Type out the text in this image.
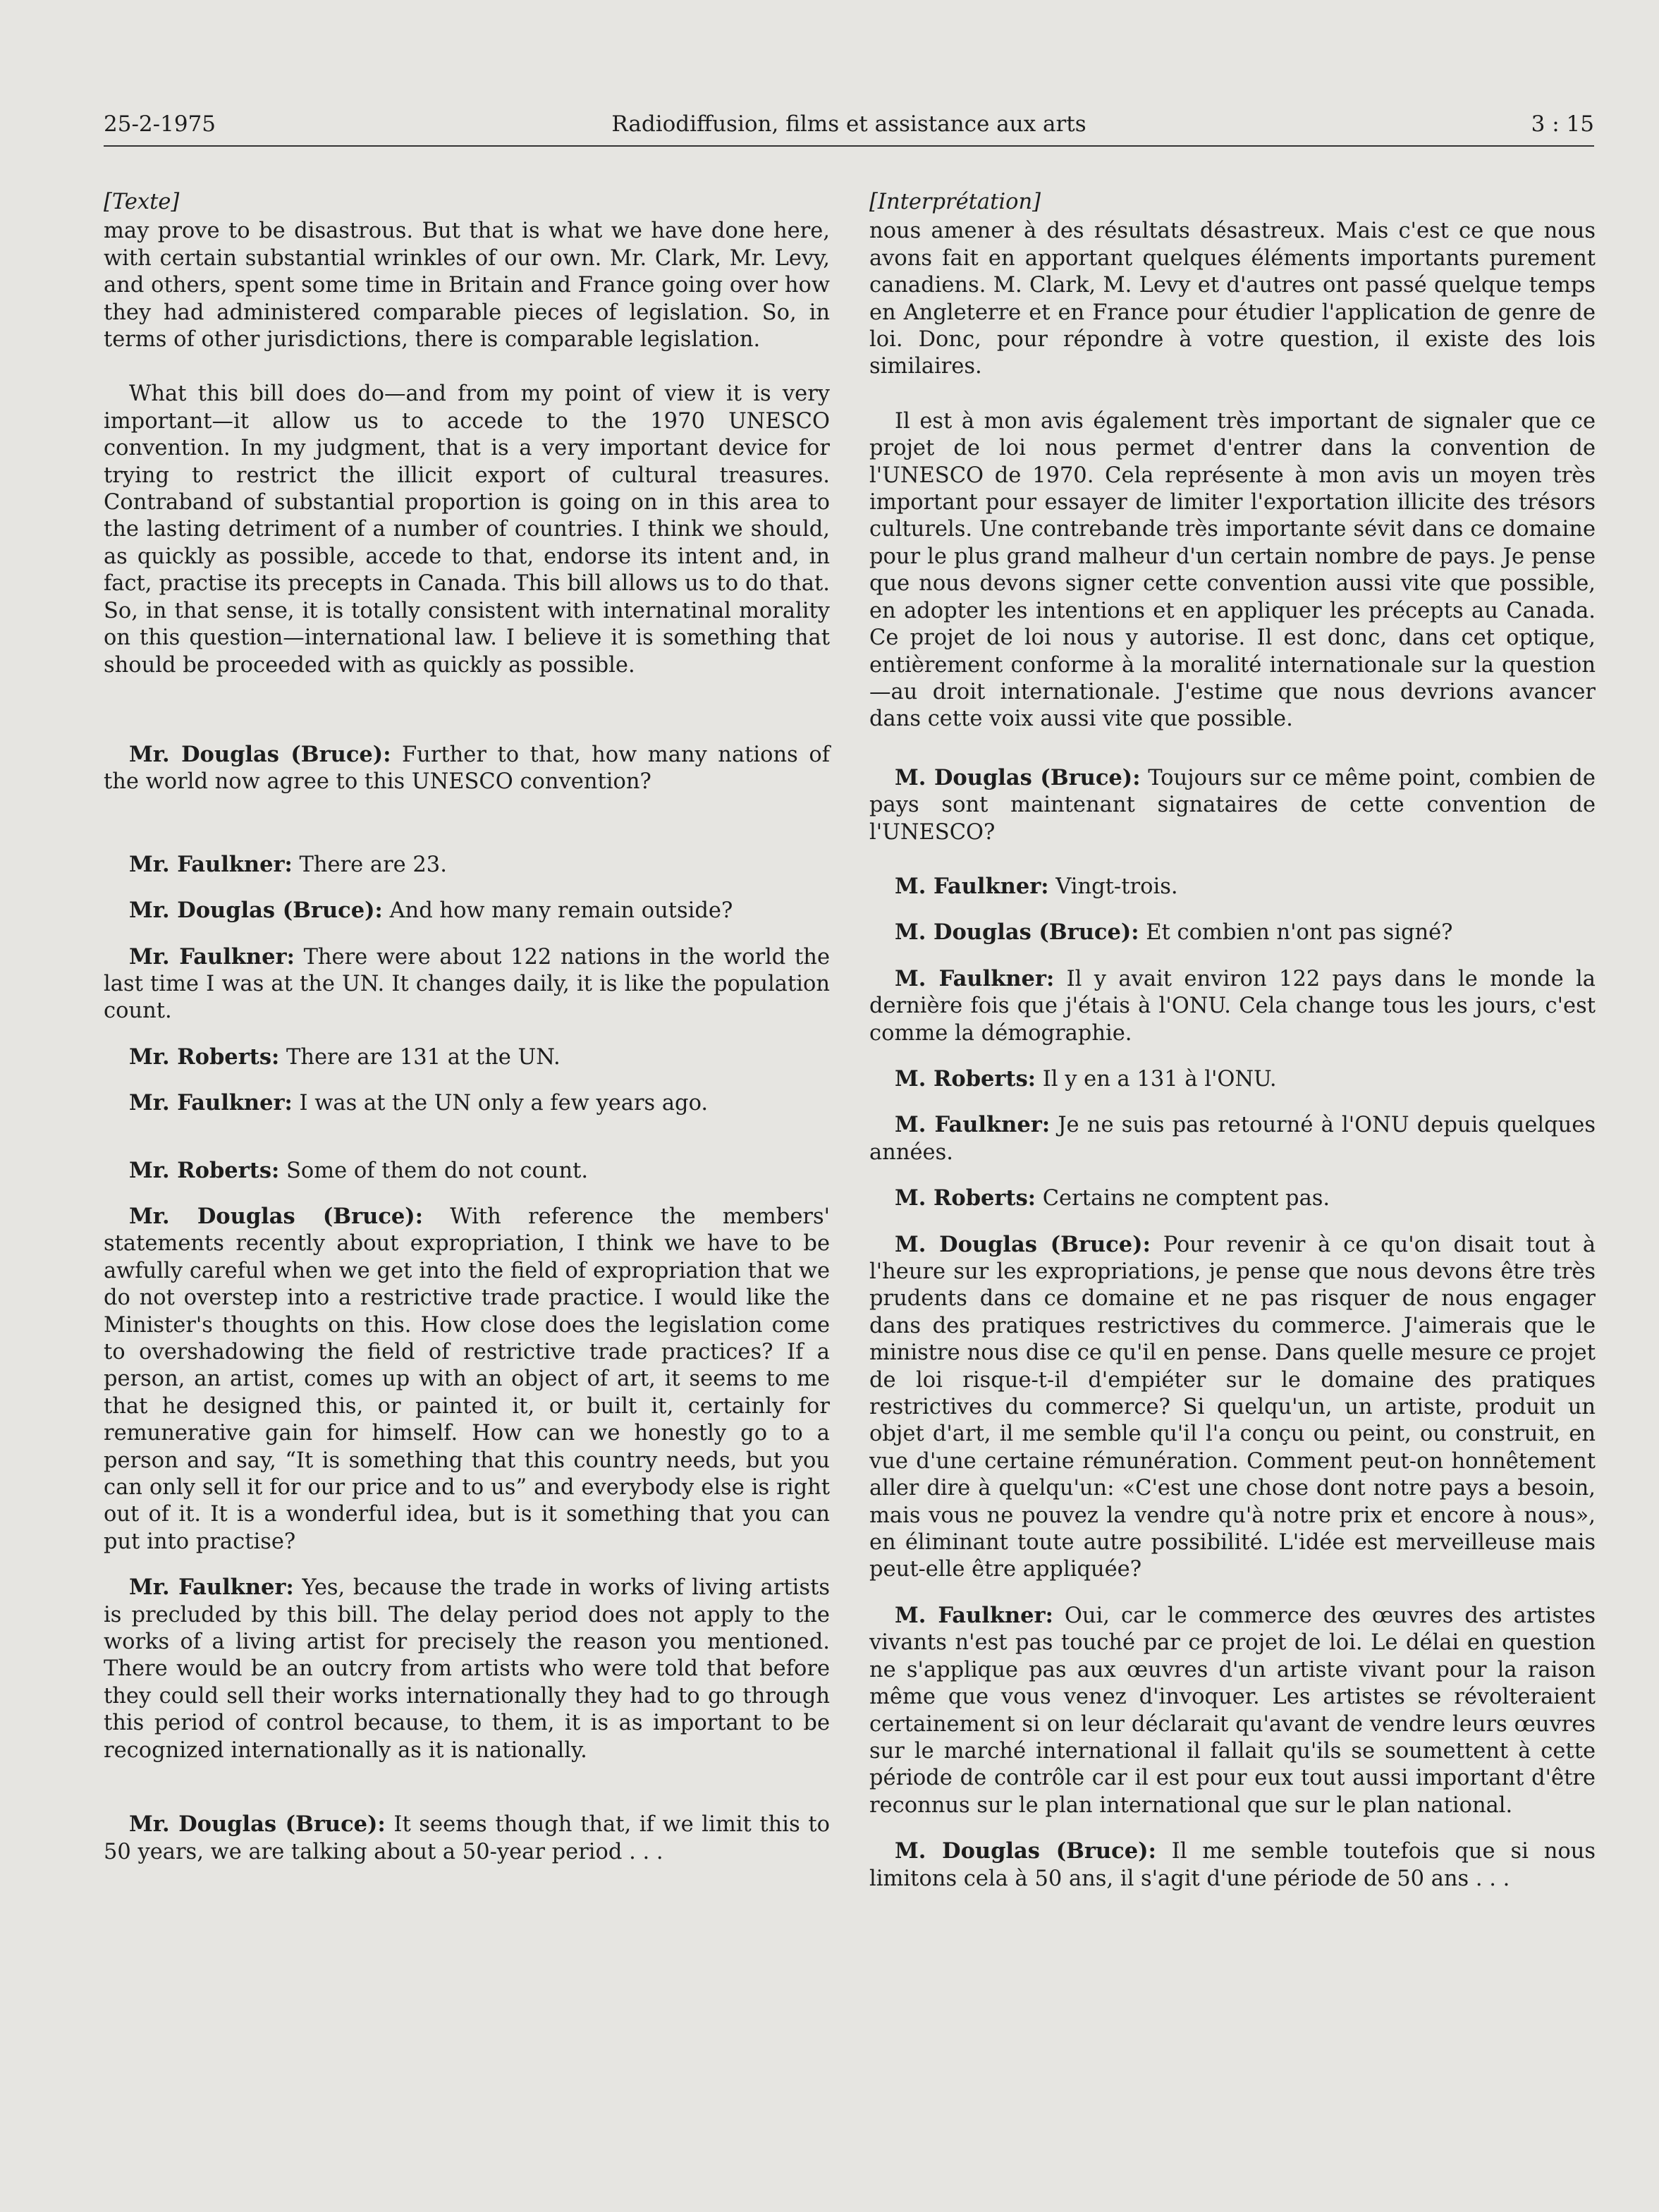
25-2-1975	Radiodiffusion, films et assistance aux arts	3 : 15
[Texte]

may prove to be disastrous. But that is what we have done here, with certain substantial wrinkles of our own. Mr. Clark, Mr. Levy, and others, spent some time in Britain and France going over how they had administered comparable pieces of legislation. So, in terms of other jurisdictions, there is comparable legislation.

What this bill does do—and from my point of view it is very important—it allow us to accede to the 1970 UNESCO convention. In my judgment, that is a very important device for trying to restrict the illicit export of cultural treasures. Contraband of substantial proportion is going on in this area to the lasting detriment of a number of countries. I think we should, as quickly as possible, accede to that, endorse its intent and, in fact, practise its precepts in Canada. This bill allows us to do that. So, in that sense, it is totally consistent with internatinal morality on this question—international law. I believe it is something that should be proceeded with as quickly as possible.

Mr. Douglas (Bruce): Further to that, how many nations of the world now agree to this UNESCO convention?

Mr. Faulkner: There are 23.

Mr. Douglas (Bruce): And how many remain outside?

Mr. Faulkner: There were about 122 nations in the world the last time I was at the UN. It changes daily, it is like the population count.

Mr. Roberts: There are 131 at the UN.

Mr. Faulkner: I was at the UN only a few years ago.

Mr. Roberts: Some of them do not count.

Mr. Douglas (Bruce): With reference the members' statements recently about expropriation, I think we have to be awfully careful when we get into the field of expropriation that we do not overstep into a restrictive trade practice. I would like the Minister's thoughts on this. How close does the legislation come to overshadowing the field of restrictive trade practices? If a person, an artist, comes up with an object of art, it seems to me that he designed this, or painted it, or built it, certainly for remunerative gain for himself. How can we honestly go to a person and say, “It is something that this country needs, but you can only sell it for our price and to us” and everybody else is right out of it. It is a wonderful idea, but is it something that you can put into practise?

Mr. Faulkner: Yes, because the trade in works of living artists is precluded by this bill. The delay period does not apply to the works of a living artist for precisely the reason you mentioned. There would be an outcry from artists who were told that before they could sell their works internationally they had to go through this period of control because, to them, it is as important to be recognized internationally as it is nationally.

Mr. Douglas (Bruce): It seems though that, if we limit this to 50 years, we are talking about a 50-year period . . .

[Interprétation]

nous amener à des résultats désastreux. Mais c'est ce que nous avons fait en apportant quelques éléments importants purement canadiens. M. Clark, M. Levy et d'autres ont passé quelque temps en Angleterre et en France pour étudier l'application de genre de loi. Donc, pour répondre à votre question, il existe des lois similaires.

Il est à mon avis également très important de signaler que ce projet de loi nous permet d'entrer dans la convention de l'UNESCO de 1970. Cela représente à mon avis un moyen très important pour essayer de limiter l'exportation illicite des trésors culturels. Une contrebande très importante sévit dans ce domaine pour le plus grand malheur d'un certain nombre de pays. Je pense que nous devons signer cette convention aussi vite que possible, en adopter les intentions et en appliquer les précepts au Canada. Ce projet de loi nous y autorise. Il est donc, dans cet optique, entièrement conforme à la moralité internationale sur la question—au droit internationale. J'estime que nous devrions avancer dans cette voix aussi vite que possible.

M. Douglas (Bruce): Toujours sur ce même point, combien de pays sont maintenant signataires de cette convention de l'UNESCO?

M. Faulkner: Vingt-trois.

M. Douglas (Bruce): Et combien n'ont pas signé?

M. Faulkner: Il y avait environ 122 pays dans le monde la dernière fois que j'étais à l'ONU. Cela change tous les jours, c'est comme la démographie.

M. Roberts: Il y en a 131 à l'ONU.

M. Faulkner: Je ne suis pas retourné à l'ONU depuis quelques années.

M. Roberts: Certains ne comptent pas.

M. Douglas (Bruce): Pour revenir à ce qu'on disait tout à l'heure sur les expropriations, je pense que nous devons être très prudents dans ce domaine et ne pas risquer de nous engager dans des pratiques restrictives du commerce. J'aimerais que le ministre nous dise ce qu'il en pense. Dans quelle mesure ce projet de loi risque-t-il d'empiéter sur le domaine des pratiques restrictives du commerce? Si quelqu'un, un artiste, produit un objet d'art, il me semble qu'il l'a conçu ou peint, ou construit, en vue d'une certaine rémunération. Comment peut-on honnêtement aller dire à quelqu'un: «C'est une chose dont notre pays a besoin, mais vous ne pouvez la vendre qu'à notre prix et encore à nous», en éliminant toute autre possibilité. L'idée est merveilleuse mais peut-elle être appliquée?

M. Faulkner: Oui, car le commerce des œuvres des artistes vivants n'est pas touché par ce projet de loi. Le délai en question ne s'applique pas aux œuvres d'un artiste vivant pour la raison même que vous venez d'invoquer. Les artistes se révolteraient certainement si on leur déclarait qu'avant de vendre leurs œuvres sur le marché international il fallait qu'ils se soumettent à cette période de contrôle car il est pour eux tout aussi important d'être reconnus sur le plan international que sur le plan national.

M. Douglas (Bruce): Il me semble toutefois que si nous limitons cela à 50 ans, il s'agit d'une période de 50 ans . . .
